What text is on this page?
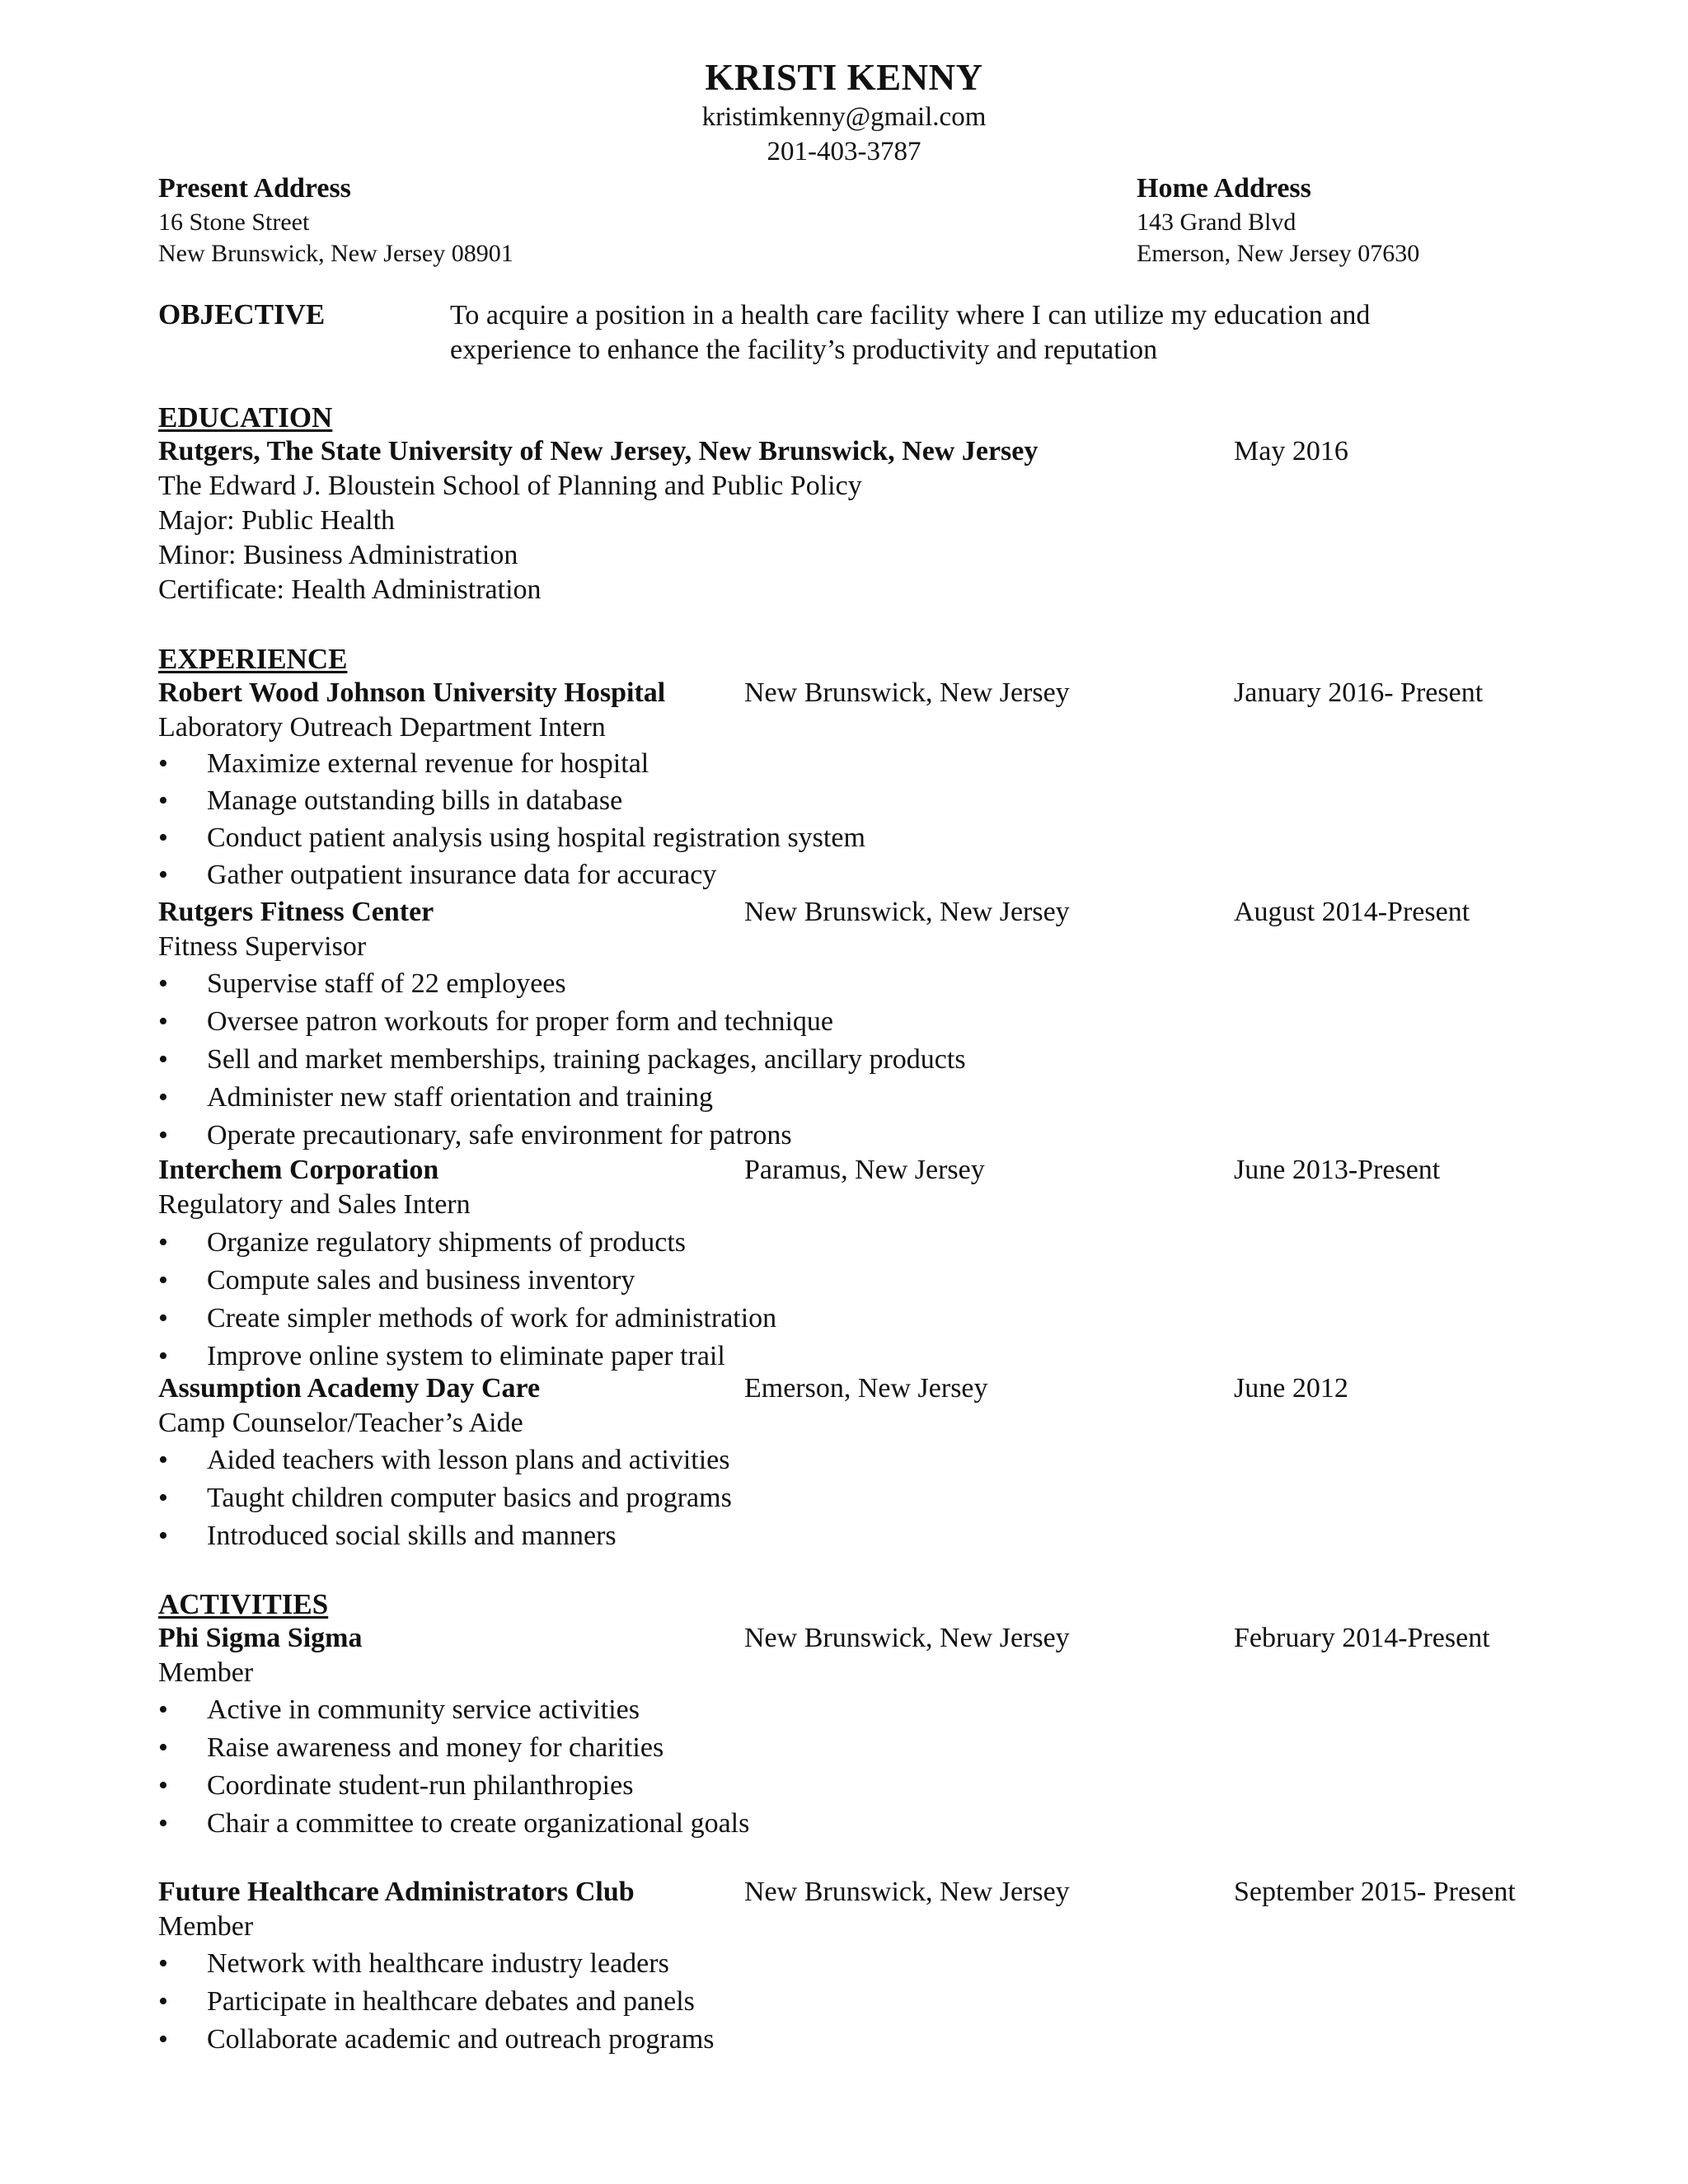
KRISTI KENNY
kristimkenny@gmail.com
201-403-3787
Present Address
16 Stone Street
New Brunswick, New Jersey 08901
Home Address
143 Grand Blvd
Emerson, New Jersey 07630
OBJECTIVE	To acquire a position in a health care facility where I can utilize my education and
experience to enhance the facility’s productivity and reputation
EDUCATION
Rutgers, The State University of New Jersey, New Brunswick, New Jersey	May 2016
The Edward J. Bloustein School of Planning and Public Policy
Major: Public Health
Minor: Business Administration
Certificate: Health Administration
EXPERIENCE
Robert Wood Johnson University Hospital	New Brunswick, New Jersey	January 2016- Present
Laboratory Outreach Department Intern
• Maximize external revenue for hospital
• Manage outstanding bills in database
• Conduct patient analysis using hospital registration system
• Gather outpatient insurance data for accuracy
Rutgers Fitness Center	New Brunswick, New Jersey	August 2014-Present
Fitness Supervisor
• Supervise staff of 22 employees
• Oversee patron workouts for proper form and technique
• Sell and market memberships, training packages, ancillary products
• Administer new staff orientation and training
• Operate precautionary, safe environment for patrons
Interchem Corporation	Paramus, New Jersey	June 2013-Present
Regulatory and Sales Intern
• Organize regulatory shipments of products
• Compute sales and business inventory
• Create simpler methods of work for administration
• Improve online system to eliminate paper trail
Assumption Academy Day Care	Emerson, New Jersey	June 2012
Camp Counselor/Teacher’s Aide
• Aided teachers with lesson plans and activities
• Taught children computer basics and programs
• Introduced social skills and manners
ACTIVITIES
Phi Sigma Sigma	New Brunswick, New Jersey	February 2014-Present
Member
• Active in community service activities
• Raise awareness and money for charities
• Coordinate student-run philanthropies
• Chair a committee to create organizational goals
Future Healthcare Administrators Club	New Brunswick, New Jersey	September 2015- Present
Member
• Network with healthcare industry leaders
• Participate in healthcare debates and panels
• Collaborate academic and outreach programs
